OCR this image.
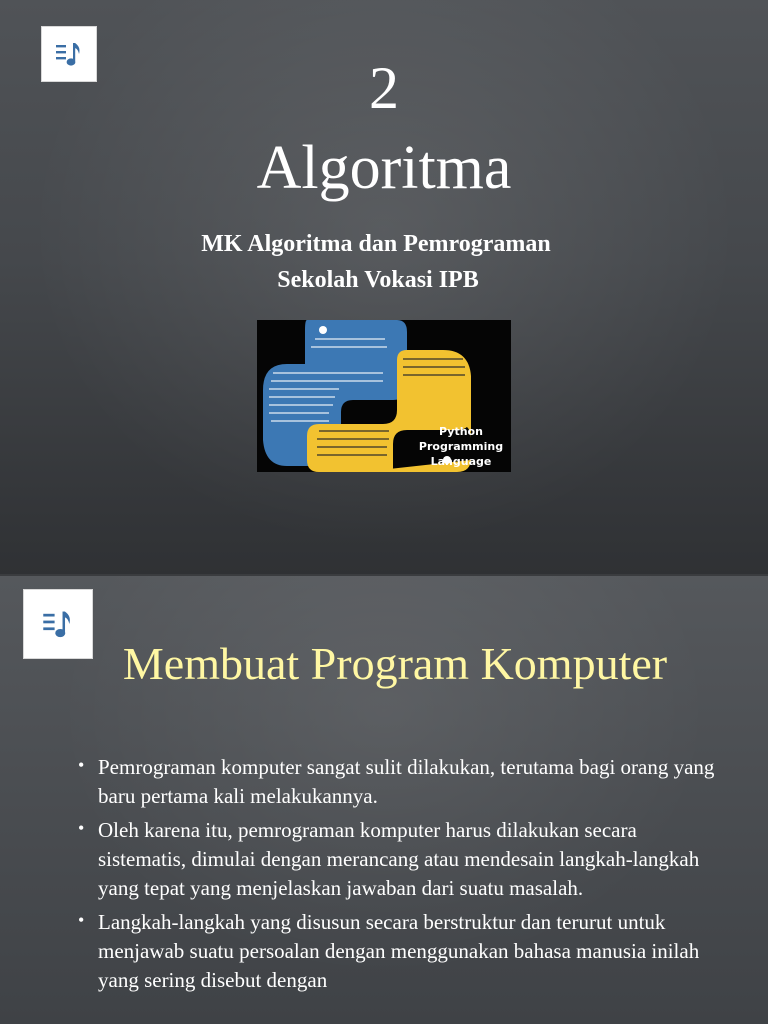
2
Algoritma
MK Algoritma dan Pemrograman
Sekolah Vokasi IPB
Python
Programming
Language
Membuat Program Komputer
• Pemrograman komputer sangat sulit dilakukan, terutama bagi orang yang baru pertama kali melakukannya.
• Oleh karena itu, pemrograman komputer harus dilakukan secara sistematis, dimulai dengan merancang atau mendesain langkah-langkah yang tepat yang menjelaskan jawaban dari suatu masalah.
• Langkah-langkah yang disusun secara berstruktur dan terurut untuk menjawab suatu persoalan dengan menggunakan bahasa manusia inilah yang sering disebut dengan
